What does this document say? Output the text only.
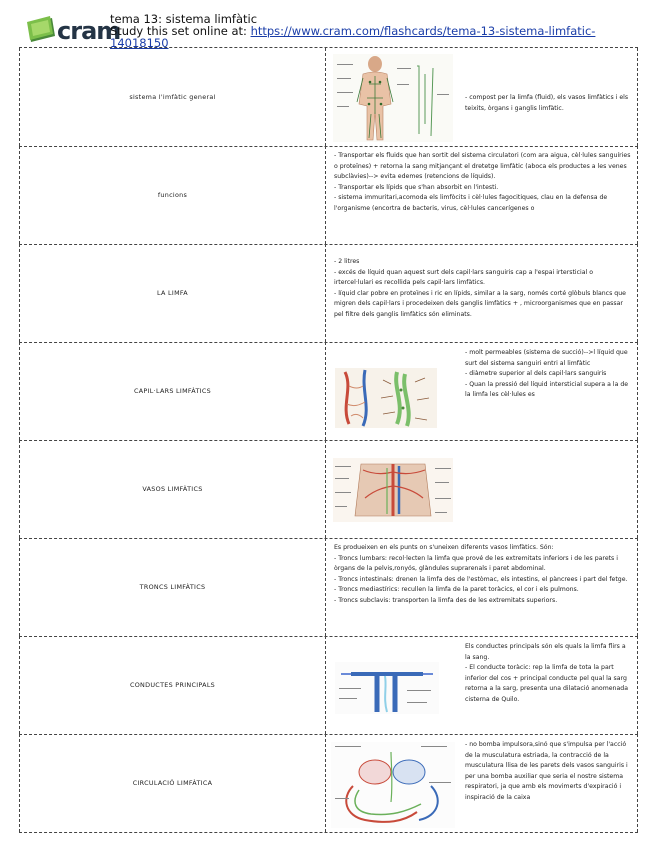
cram
tema 13: sistema limfàtic
Study this set online at: https://www.cram.com/flashcards/tema-13-sistema-limfatic-14018150
sistema l'imfàtic general	- compost per la limfa (fluid), els vasos limfàtics i els teixits, òrgans i ganglis limfàtic.
funcions
- Transportar els fluids que han sortit del sistema circulatori (com ara aigua, cèl·lules sanguíries o proteïnes) + retorna la sang mitjançant el dretetge limfàtic (aboca els productes a les venes subclàvies)--> evita edemes (retencions de líquids).
- Transportar els lípids que s'han absorbit en l'intesti.
- sistema immuritari,acomoda els limfòcits i cèl·lules fagocitiques, clau en la defensa de l'organisme (encortra de bacteris, virus, cèl·lules cancerígenes o
LA LIMFA
- 2 litres
- excés de líquid quan aquest surt dels capil·lars sanguiris cap a l'espai irtersticial o irtercel·lulari es recollida pels capil·lars limfàtics.
- líquid clar pobre en proteïnes i ric en lípids, similar a la sarg, només corté glòbuls blancs que migren dels capil·lars i procedeixen dels ganglis limfàtics + , microorganismes que en passar pel filtre dels ganglis limfàtics són eliminats.
CAPIL·LARS LIMFÀTICS
- molt permeables (sistema de succió)-->l líquid que surt del sistema sanguiri entri al limfàtic
- diàmetre superior al dels capil·lars sanguiris
- Quan la pressió del líquid intersticial supera a la de la limfa les cèl·lules es
VASOS LIMFÀTICS
TRONCS LIMFÀTICS
Es produeixen en els punts on s'uneixen diferents vasos limfàtics. Són:
- Troncs lumbars: recol·lecten la limfa que prové de les extremitats inferiors i de les parets i òrgans de la pelvis,ronyós, glàndules suprarenals i paret abdominal.
- Troncs intestinals: drenen la limfa des de l'estòmac, els intestins, el pàncrees i part del fetge.
- Troncs mediastírics: recullen la limfa de la paret toràcics, el cor i els pulmons.
- Troncs subclavis: transporten la limfa des de les extremitats superiors.
CONDUCTES PRINCIPALS
Els conductes principals són els quals la limfa flirs a la sang.
- El conducte toràcic: rep la limfa de tota la part inferior del cos + principal conducte pel qual la sarg retorna a la sarg, presenta una dilatació anomenada cisterna de Quilo.
CIRCULACIÓ LIMFÀTICA
- no bomba impulsora,sinó que s'impulsa per l'acció de la musculatura estriada, la contracció de la musculatura llisa de les parets dels vasos sanguiris i per una bomba auxiliar que seria el nostre sistema respiratori, ja que amb els movimerts d'expiració i inspiració de la caixa
